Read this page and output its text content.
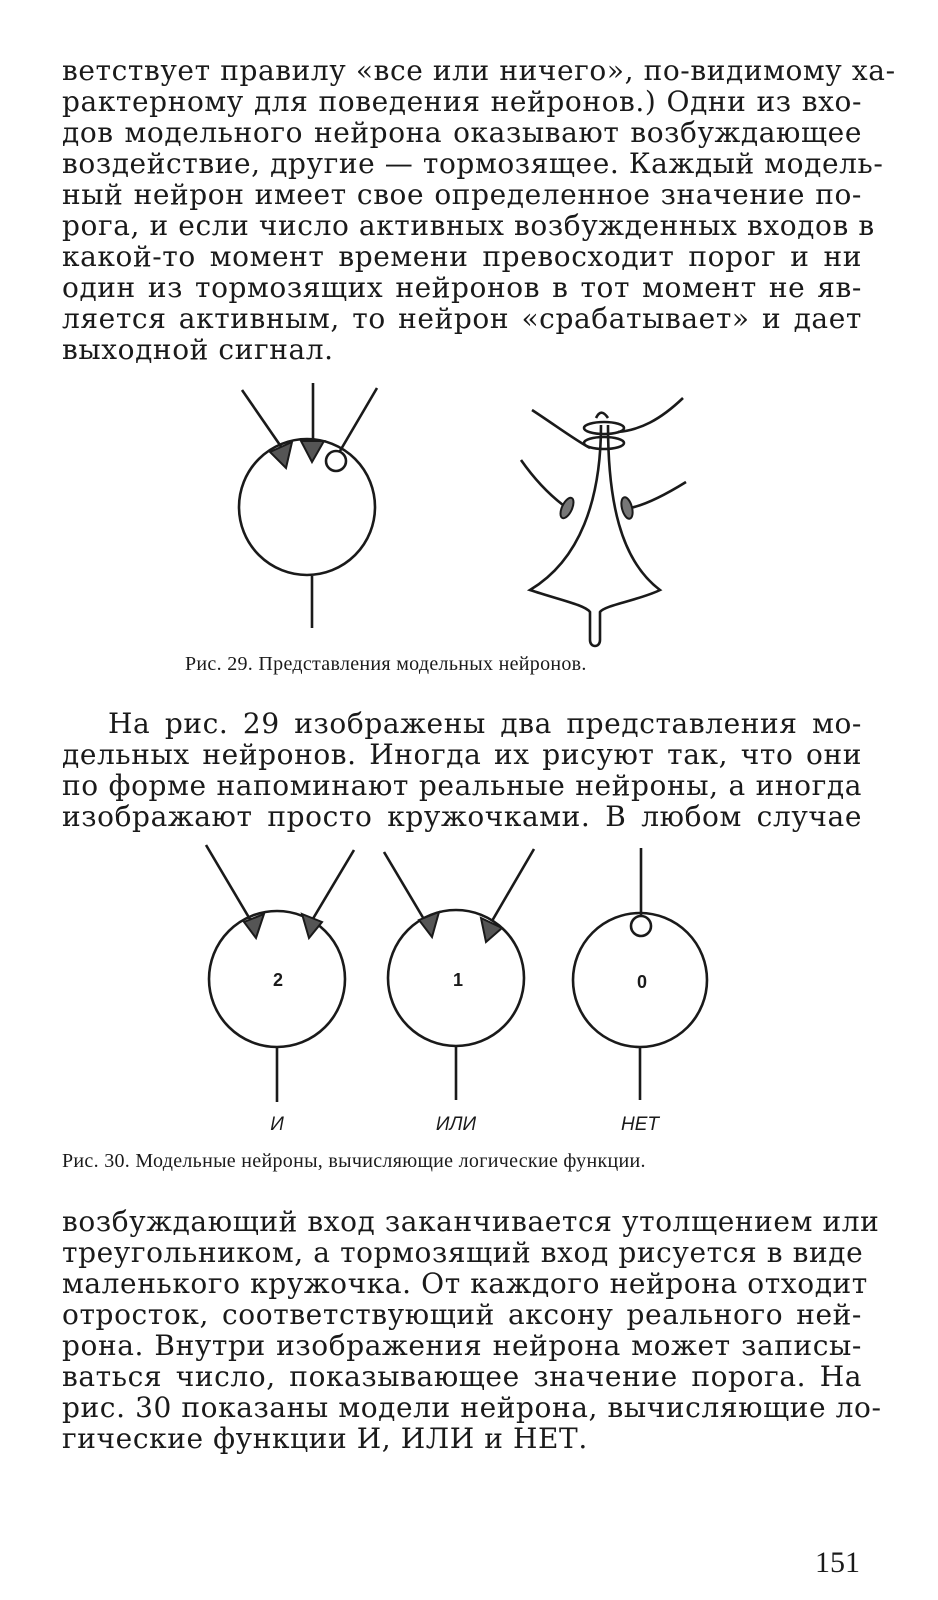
ветствует правилу «все или ничего», по-видимому ха-
рактерному для поведения нейронов.) Одни из вхо-
дов модельного нейрона оказывают возбуждающее
воздействие, другие — тормозящее. Каждый модель-
ный нейрон имеет свое определенное значение по-
рога, и если число активных возбужденных входов в
какой-то момент времени превосходит порог и ни
один из тормозящих нейронов в тот момент не яв-
ляется активным, то нейрон «срабатывает» и дает
выходной сигнал.
Рис. 29. Представления модельных нейронов.
На рис. 29 изображены два представления мо-
дельных нейронов. Иногда их рисуют так, что они
по форме напоминают реальные нейроны, а иногда
изображают просто кружочками. В любом случае
2	1	0
И	ИЛИ	НЕТ
Рис. 30. Модельные нейроны, вычисляющие логические функции.
возбуждающий вход заканчивается утолщением или
треугольником, а тормозящий вход рисуется в виде
маленького кружочка. От каждого нейрона отходит
отросток, соответствующий аксону реального ней-
рона. Внутри изображения нейрона может записы-
ваться число, показывающее значение порога. На
рис. 30 показаны модели нейрона, вычисляющие ло-
гические функции И, ИЛИ и НЕТ.
151
